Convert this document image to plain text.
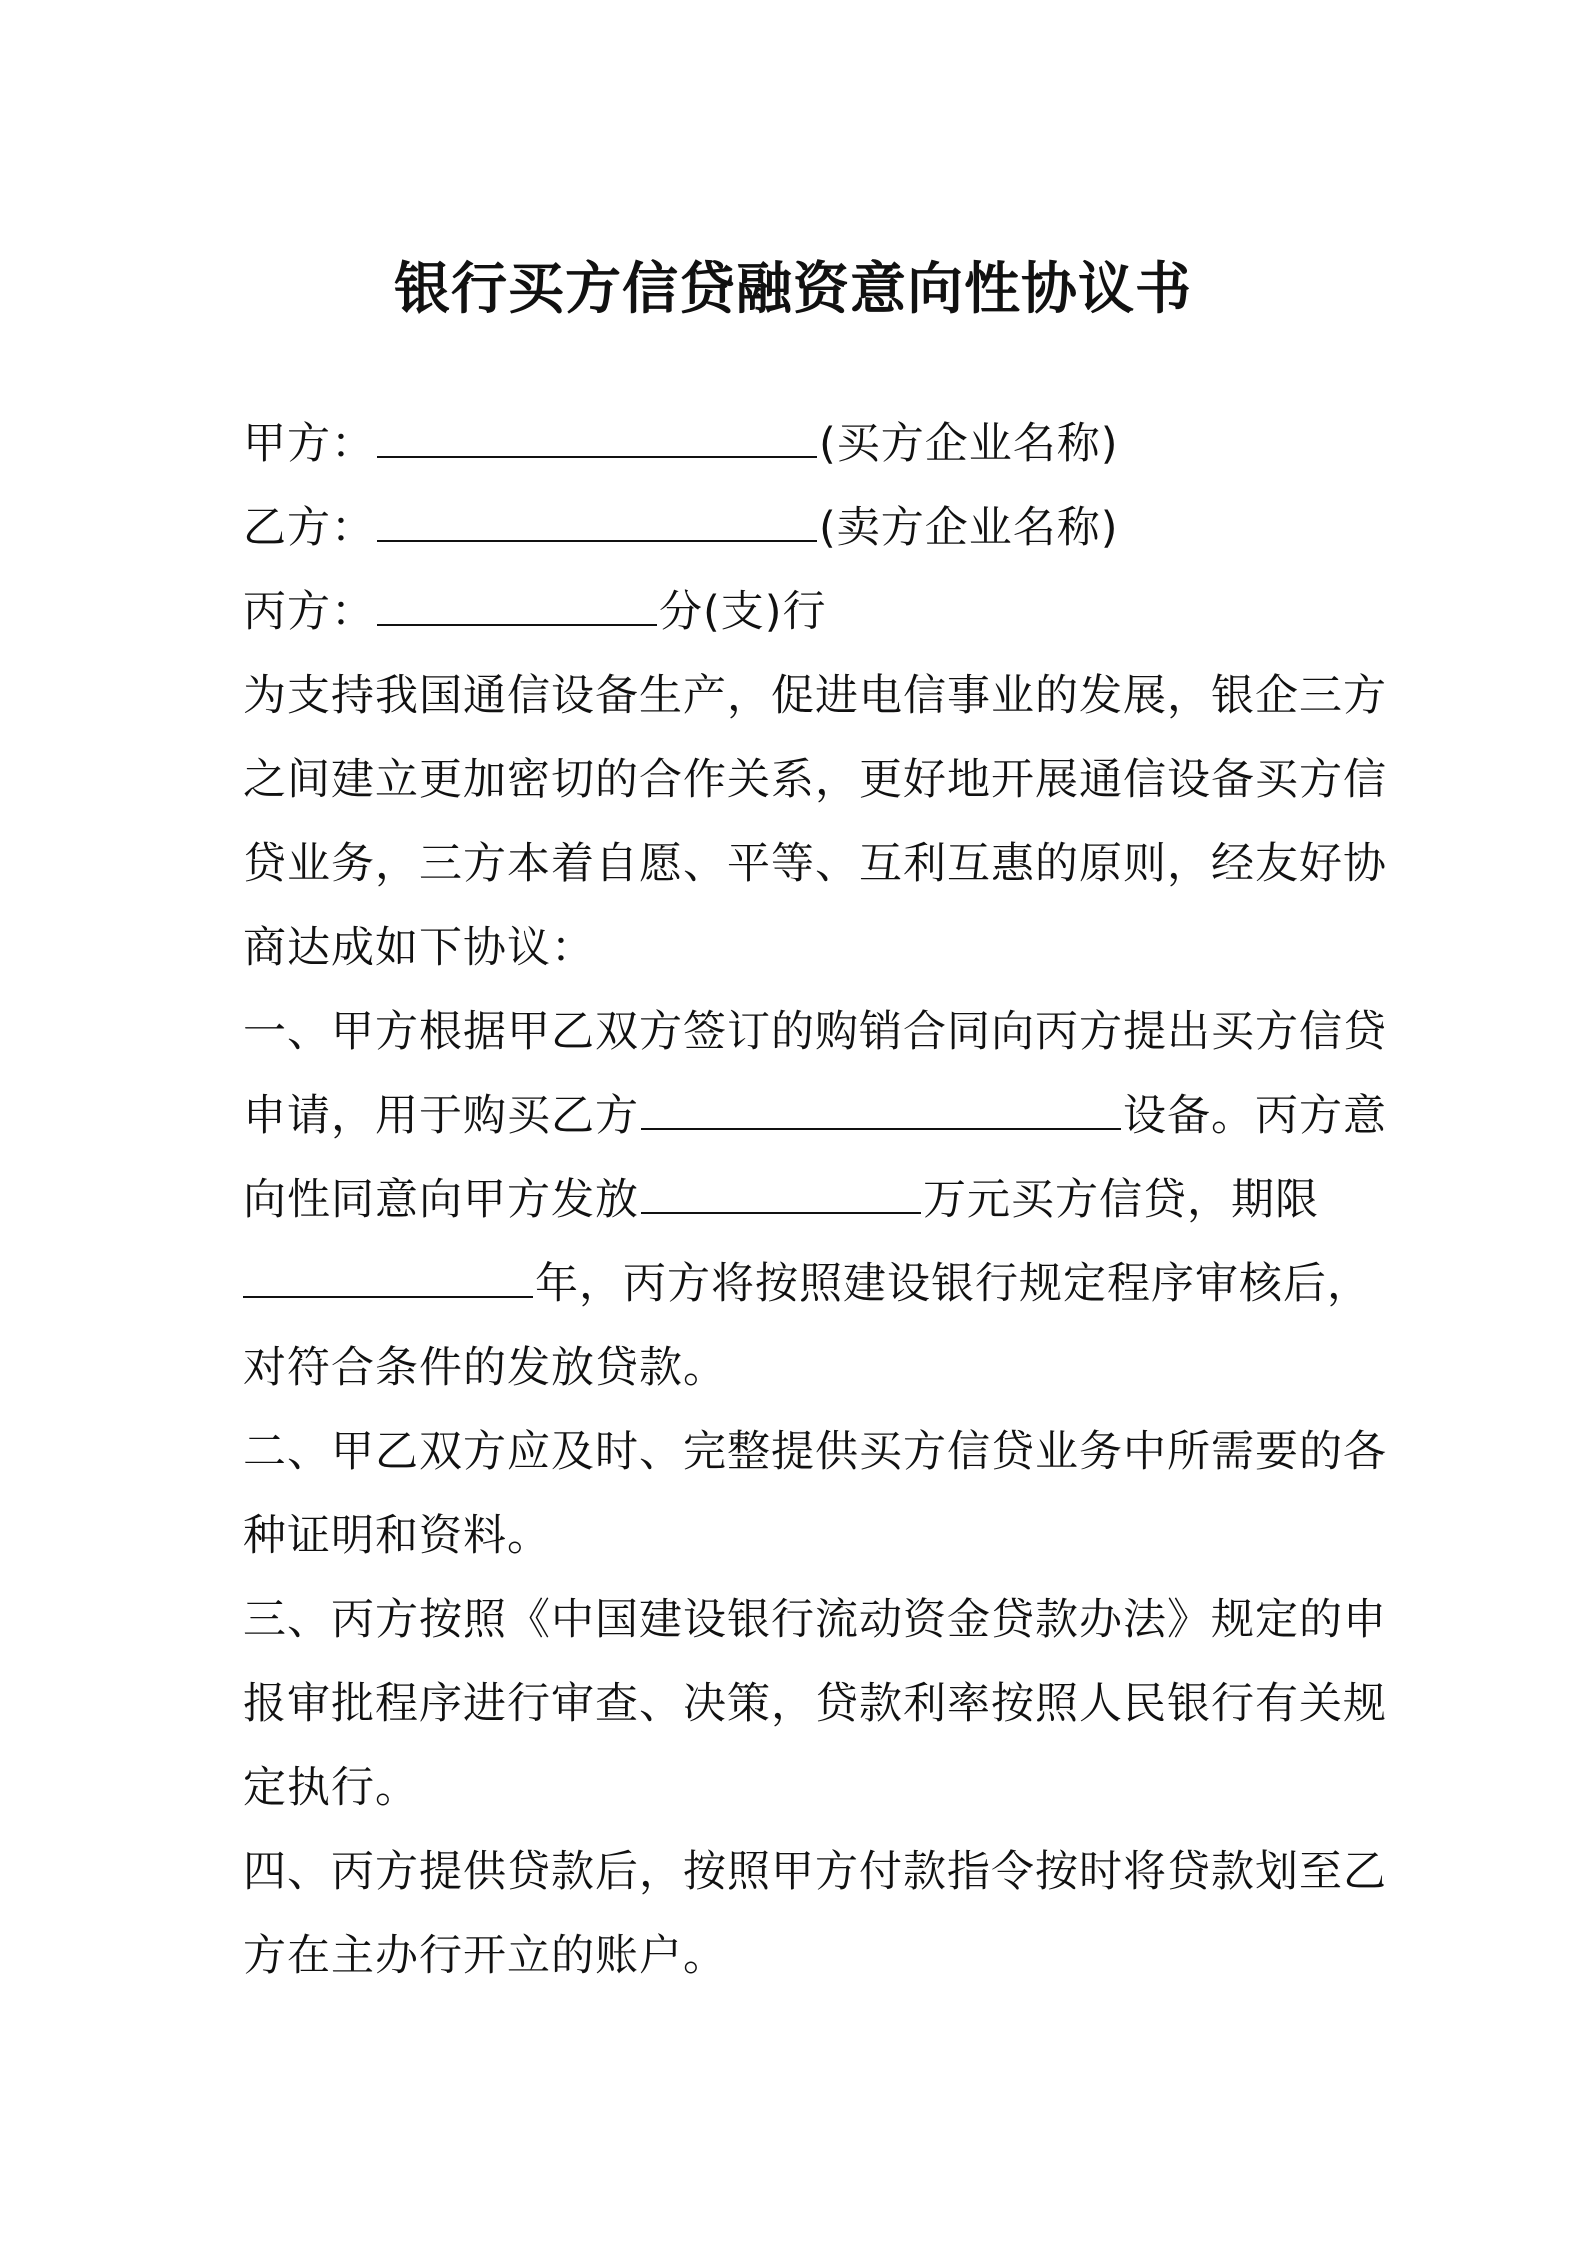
银行买方信贷融资意向性协议书
甲方：	(买方企业名称)
乙方：	(卖方企业名称)
丙方：	分(支)行
为支持我国通信设备生产，促进电信事业的发展，银企三方
之间建立更加密切的合作关系，更好地开展通信设备买方信
贷业务，三方本着自愿、平等、互利互惠的原则，经友好协
商达成如下协议：
一、甲方根据甲乙双方签订的购销合同向丙方提出买方信贷
申请，用于购买乙方	设备。丙方意
向性同意向甲方发放	万元买方信贷，期限
年，丙方将按照建设银行规定程序审核后，
对符合条件的发放贷款。
二、甲乙双方应及时、完整提供买方信贷业务中所需要的各
种证明和资料。
三、丙方按照《中国建设银行流动资金贷款办法》规定的申
报审批程序进行审查、决策，贷款利率按照人民银行有关规
定执行。
四、丙方提供贷款后，按照甲方付款指令按时将贷款划至乙
方在主办行开立的账户。
